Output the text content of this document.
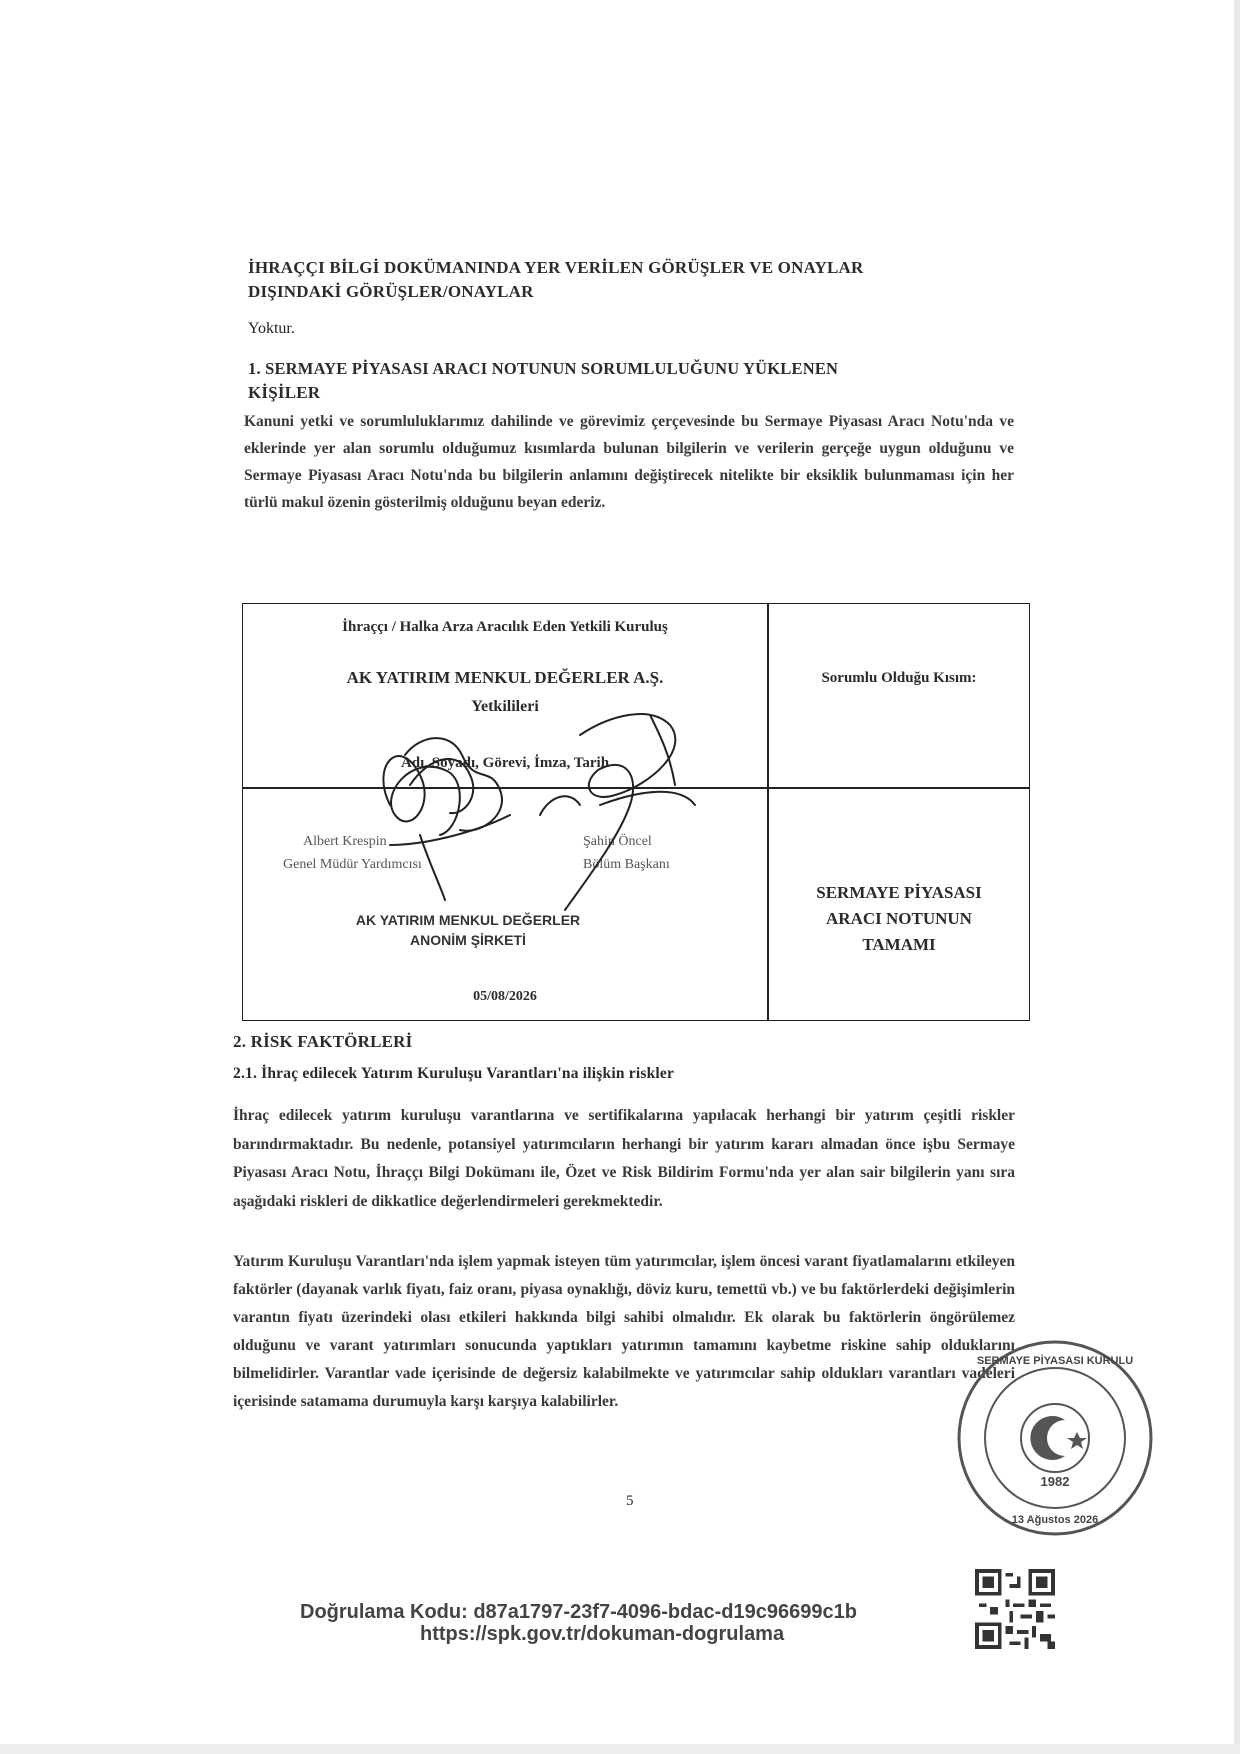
İHRAÇÇI BİLGİ DOKÜMANINDA YER VERİLEN GÖRÜŞLER VE ONAYLAR
DIŞINDAKİ GÖRÜŞLER/ONAYLAR
Yoktur.
1. SERMAYE PİYASASI ARACI NOTUNUN SORUMLULUĞUNU YÜKLENEN
KİŞİLER
Kanuni yetki ve sorumluluklarımız dahilinde ve görevimiz çerçevesinde bu Sermaye Piyasası Aracı Notu'nda ve eklerinde yer alan sorumlu olduğumuz kısımlarda bulunan bilgilerin ve verilerin gerçeğe uygun olduğunu ve Sermaye Piyasası Aracı Notu'nda bu bilgilerin anlamını değiştirecek nitelikte bir eksiklik bulunmaması için her türlü makul özenin gösterilmiş olduğunu beyan ederiz.
İhraççı / Halka Arza Aracılık Eden Yetkili Kuruluş
AK YATIRIM MENKUL DEĞERLER A.Ş.
Yetkilileri
Adı, Soyadı, Görevi, İmza, Tarih
Sorumlu Olduğu Kısım:
Albert Krespin
Genel Müdür Yardımcısı
Şahin Öncel
Bölüm Başkanı
AK YATIRIM MENKUL DEĞERLER
ANONİM ŞİRKETİ
05/08/2026
SERMAYE PİYASASI
ARACI NOTUNUN
TAMAMI
2. RİSK FAKTÖRLERİ
2.1. İhraç edilecek Yatırım Kuruluşu Varantları'na ilişkin riskler
İhraç edilecek yatırım kuruluşu varantlarına ve sertifikalarına yapılacak herhangi bir yatırım çeşitli riskler barındırmaktadır. Bu nedenle, potansiyel yatırımcıların herhangi bir yatırım kararı almadan önce işbu Sermaye Piyasası Aracı Notu, İhraççı Bilgi Dokümanı ile, Özet ve Risk Bildirim Formu'nda yer alan sair bilgilerin yanı sıra aşağıdaki riskleri de dikkatlice değerlendirmeleri gerekmektedir.
Yatırım Kuruluşu Varantları'nda işlem yapmak isteyen tüm yatırımcılar, işlem öncesi varant fiyatlamalarını etkileyen faktörler (dayanak varlık fiyatı, faiz oranı, piyasa oynaklığı, döviz kuru, temettü vb.) ve bu faktörlerdeki değişimlerin varantın fiyatı üzerindeki olası etkileri hakkında bilgi sahibi olmalıdır. Ek olarak bu faktörlerin öngörülemez olduğunu ve varant yatırımları sonucunda yaptıkları yatırımın tamamını kaybetme riskine sahip olduklarını bilmelidirler. Varantlar vade içerisinde de değersiz kalabilmekte ve yatırımcılar sahip oldukları varantları vadeleri içerisinde satamama durumuyla karşı karşıya kalabilirler.
1982
13 Ağustos 2026
SERMAYE PİYASASI KURULU
5
Doğrulama Kodu: d87a1797-23f7-4096-bdac-d19c96699c1b
https://spk.gov.tr/dokuman-dogrulama
